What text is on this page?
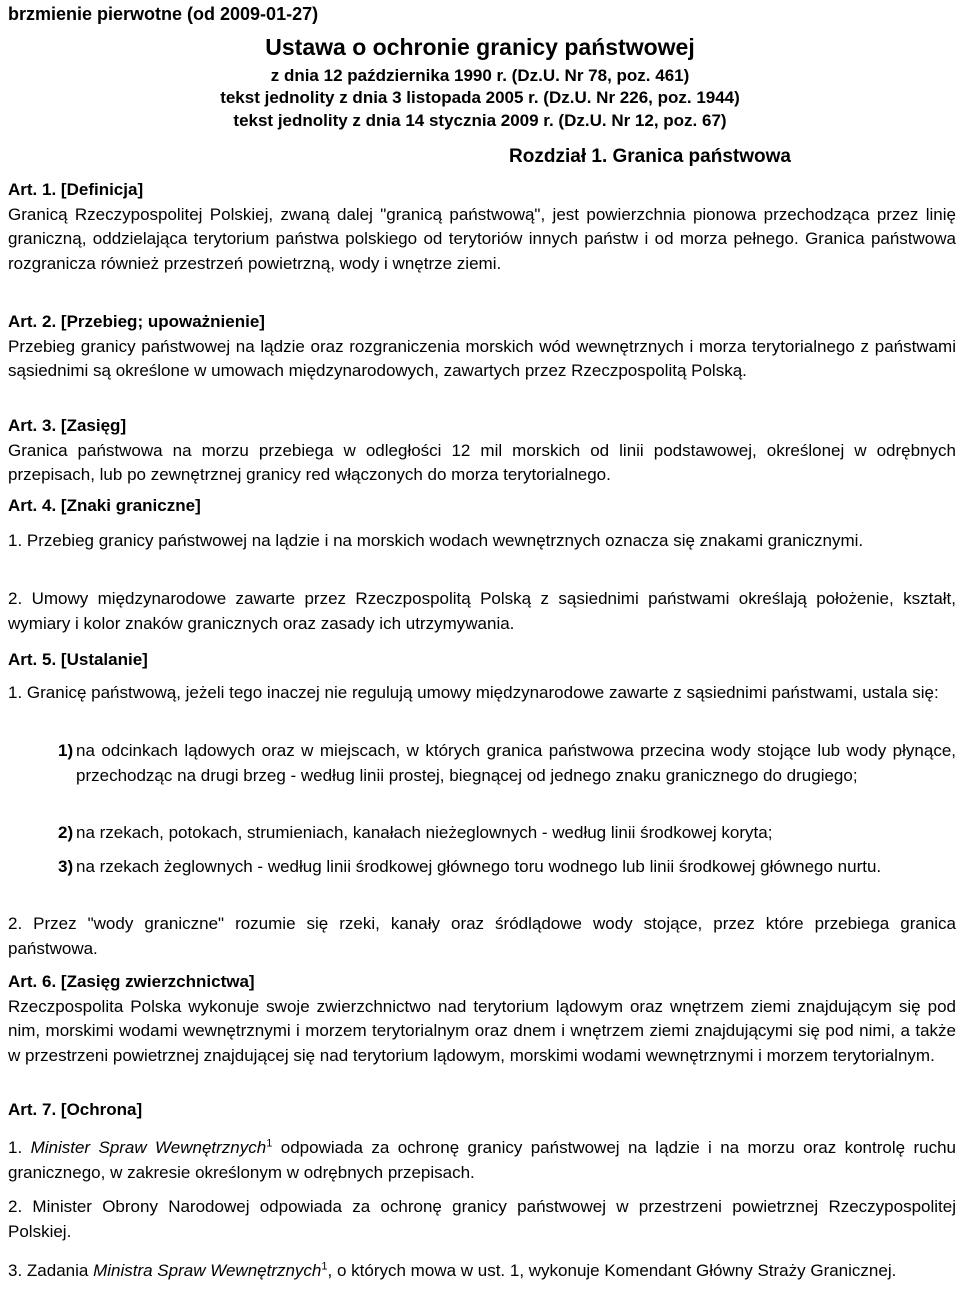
brzmienie pierwotne (od 2009-01-27)
Ustawa o ochronie granicy państwowej
z dnia 12 października 1990 r. (Dz.U. Nr 78, poz. 461)
tekst jednolity z dnia 3 listopada 2005 r. (Dz.U. Nr 226, poz. 1944)
tekst jednolity z dnia 14 stycznia 2009 r. (Dz.U. Nr 12, poz. 67)
Rozdział 1. Granica państwowa
Art. 1. [Definicja]
Granicą Rzeczypospolitej Polskiej, zwaną dalej "granicą państwową", jest powierzchnia pionowa przechodząca przez linię graniczną, oddzielająca terytorium państwa polskiego od terytoriów innych państw i od morza pełnego. Granica państwowa rozgranicza również przestrzeń powietrzną, wody i wnętrze ziemi.
Art. 2. [Przebieg; upoważnienie]
Przebieg granicy państwowej na lądzie oraz rozgraniczenia morskich wód wewnętrznych i morza terytorialnego z państwami sąsiednimi są określone w umowach międzynarodowych, zawartych przez Rzeczpospolitą Polską.
Art. 3. [Zasięg]
Granica państwowa na morzu przebiega w odległości 12 mil morskich od linii podstawowej, określonej w odrębnych przepisach, lub po zewnętrznej granicy red włączonych do morza terytorialnego.
Art. 4. [Znaki graniczne]
1. Przebieg granicy państwowej na lądzie i na morskich wodach wewnętrznych oznacza się znakami granicznymi.
2. Umowy międzynarodowe zawarte przez Rzeczpospolitą Polską z sąsiednimi państwami określają położenie, kształt, wymiary i kolor znaków granicznych oraz zasady ich utrzymywania.
Art. 5. [Ustalanie]
1. Granicę państwową, jeżeli tego inaczej nie regulują umowy międzynarodowe zawarte z sąsiednimi państwami, ustala się:
1) na odcinkach lądowych oraz w miejscach, w których granica państwowa przecina wody stojące lub wody płynące, przechodząc na drugi brzeg - według linii prostej, biegnącej od jednego znaku granicznego do drugiego;
2) na rzekach, potokach, strumieniach, kanałach nieżeglownych - według linii środkowej koryta;
3) na rzekach żeglownych - według linii środkowej głównego toru wodnego lub linii środkowej głównego nurtu.
2. Przez "wody graniczne" rozumie się rzeki, kanały oraz śródlądowe wody stojące, przez które przebiega granica państwowa.
Art. 6. [Zasięg zwierzchnictwa]
Rzeczpospolita Polska wykonuje swoje zwierzchnictwo nad terytorium lądowym oraz wnętrzem ziemi znajdującym się pod nim, morskimi wodami wewnętrznymi i morzem terytorialnym oraz dnem i wnętrzem ziemi znajdującymi się pod nimi, a także w przestrzeni powietrznej znajdującej się nad terytorium lądowym, morskimi wodami wewnętrznymi i morzem terytorialnym.
Art. 7. [Ochrona]
1. Minister Spraw Wewnętrznych$^1$ odpowiada za ochronę granicy państwowej na lądzie i na morzu oraz kontrolę ruchu granicznego, w zakresie określonym w odrębnych przepisach.
2. Minister Obrony Narodowej odpowiada za ochronę granicy państwowej w przestrzeni powietrznej Rzeczypospolitej Polskiej.
3. Zadania Ministra Spraw Wewnętrznych$^1$, o których mowa w ust. 1, wykonuje Komendant Główny Straży Granicznej.
